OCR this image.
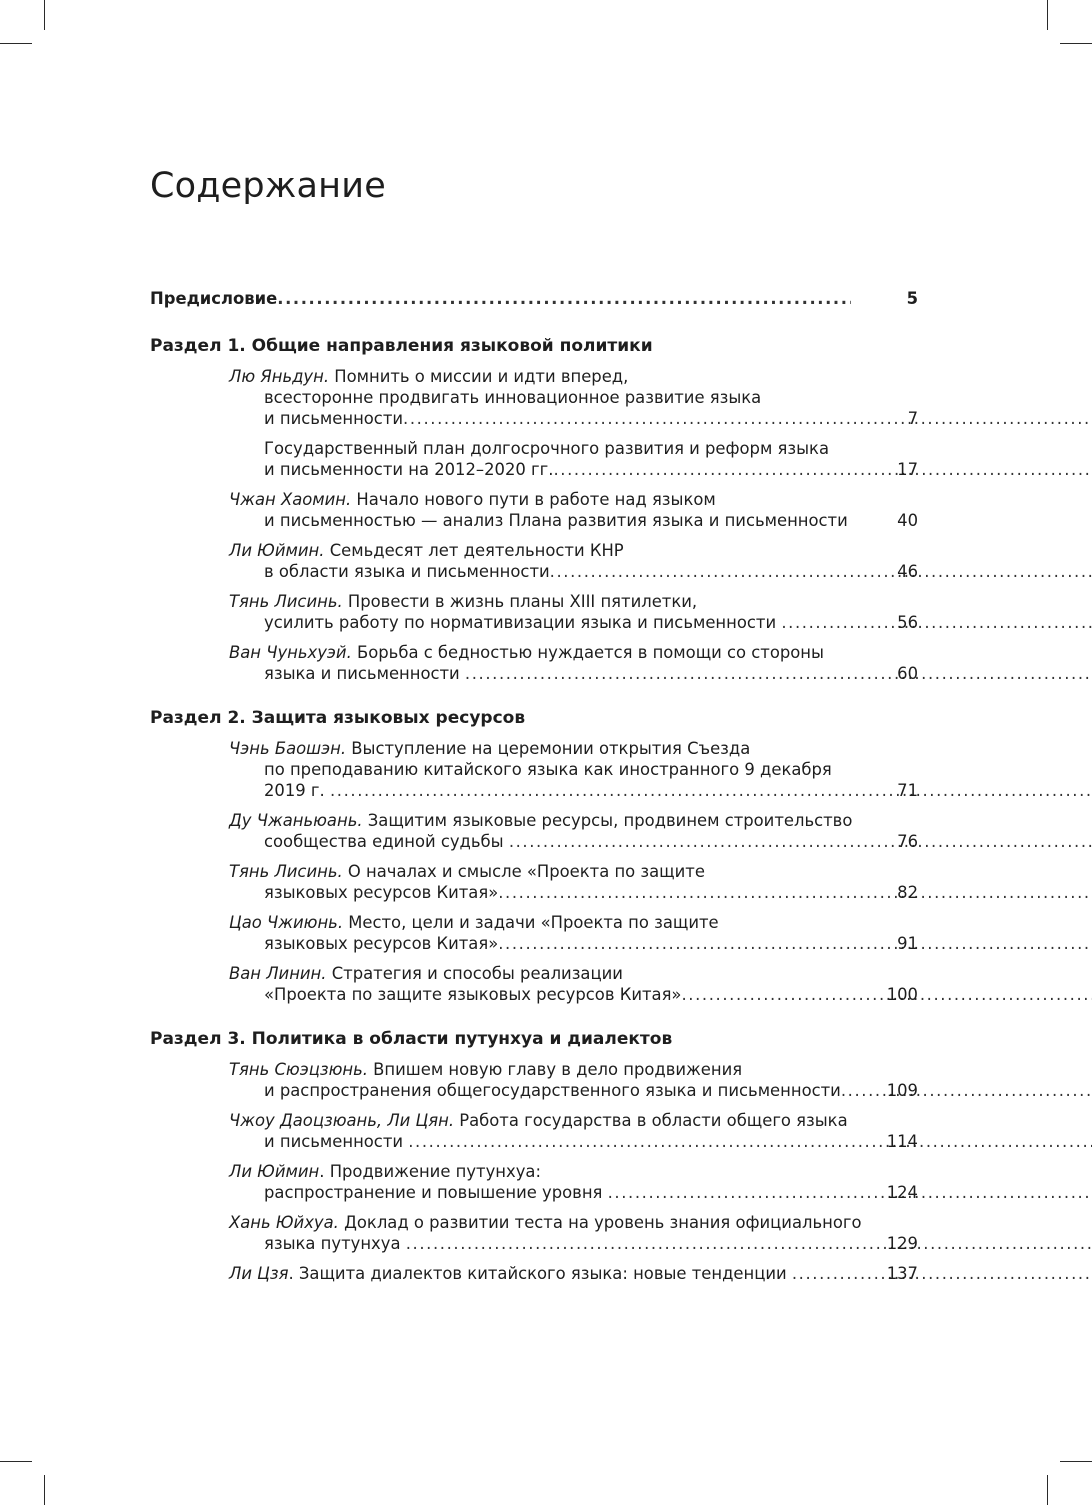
Содержание
Предисловие .....	5
Раздел 1. Общие направления языковой политики
Лю Яньдун. Помнить о миссии и идти вперед,
всесторонне продвигать инновационное развитие языка
и письменности .....	7
Государственный план долгосрочного развития и реформ языка
и письменности на 2012–2020 гг. .....	17
Чжан Хаомин. Начало нового пути в работе над языком
и письменностью — анализ Плана развития языка и письменности	40
Ли Юймин. Семьдесят лет деятельности КНР
в области языка и письменности .....	46
Тянь Лисинь. Провести в жизнь планы XIII пятилетки,
усилить работу по нормативизации языка и письменности .....	56
Ван Чуньхуэй. Борьба с бедностью нуждается в помощи со стороны
языка и письменности .....	60
Раздел 2. Защита языковых ресурсов
Чэнь Баошэн. Выступление на церемонии открытия Съезда
по преподаванию китайского языка как иностранного 9 декабря
2019 г. .....	71
Ду Чжаньюань. Защитим языковые ресурсы, продвинем строительство
сообщества единой судьбы .....	76
Тянь Лисинь. О началах и смысле «Проекта по защите
языковых ресурсов Китая» .....	82
Цао Чжиюнь. Место, цели и задачи «Проекта по защите
языковых ресурсов Китая» .....	91
Ван Линин. Стратегия и способы реализации
«Проекта по защите языковых ресурсов Китая» .....	100
Раздел 3. Политика в области путунхуа и диалектов
Тянь Сюэцзюнь. Впишем новую главу в дело продвижения
и распространения общегосударственного языка и письменности .....	109
Чжоу Даоцзюань, Ли Цян. Работа государства в области общего языка
и письменности .....	114
Ли Юймин. Продвижение путунхуа:
распространение и повышение уровня .....	124
Хань Юйхуа. Доклад о развитии теста на уровень знания официального
языка путунхуа .....	129
Ли Цзя. Защита диалектов китайского языка: новые тенденции .....	137
